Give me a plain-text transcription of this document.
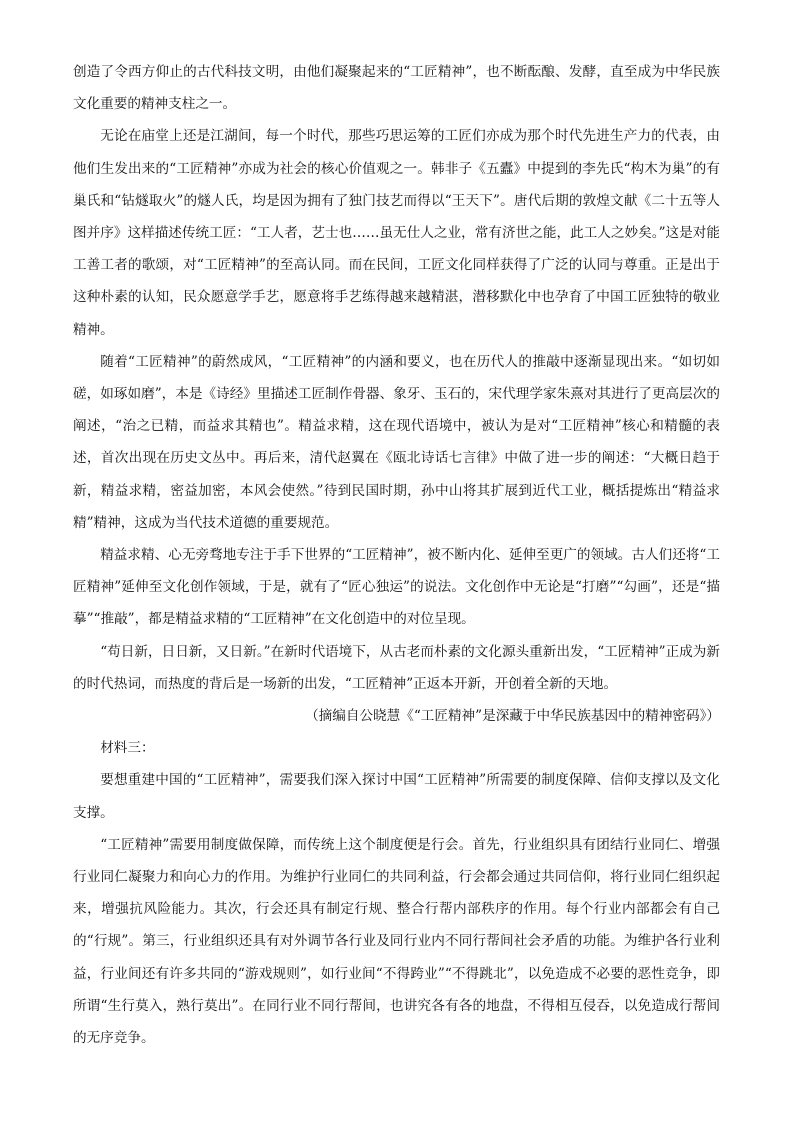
创造了令西方仰止的古代科技文明，由他们凝聚起来的“工匠精神”，也不断酝酿、发酵，直至成为中华民族文化重要的精神支柱之一。

无论在庙堂上还是江湖间，每一个时代，那些巧思运筹的工匠们亦成为那个时代先进生产力的代表，由他们生发出来的“工匠精神”亦成为社会的核心价值观之一。韩非子《五蠹》中提到的李先氏“构木为巢”的有巢氏和“钻燧取火”的燧人氏，均是因为拥有了独门技艺而得以“王天下”。唐代后期的敦煌文献《二十五等人图并序》这样描述传统工匠：“工人者，艺士也……虽无仕人之业，常有济世之能，此工人之妙矣。”这是对能工善工者的歌颂，对“工匠精神”的至高认同。而在民间，工匠文化同样获得了广泛的认同与尊重。正是出于这种朴素的认知，民众愿意学手艺，愿意将手艺练得越来越精湛，潜移默化中也孕育了中国工匠独特的敬业精神。

随着“工匠精神”的蔚然成风，“工匠精神”的内涵和要义，也在历代人的推敲中逐渐显现出来。“如切如磋，如琢如磨”，本是《诗经》里描述工匠制作骨器、象牙、玉石的，宋代理学家朱熹对其进行了更高层次的阐述，“治之已精，而益求其精也”。精益求精，这在现代语境中，被认为是对“工匠精神”核心和精髓的表述，首次出现在历史文丛中。再后来，清代赵翼在《瓯北诗话七言律》中做了进一步的阐述：“大概日趋于新，精益求精，密益加密，本风会使然。”待到民国时期，孙中山将其扩展到近代工业，概括提炼出“精益求精”精神，这成为当代技术道德的重要规范。

精益求精、心无旁骛地专注于手下世界的“工匠精神”，被不断内化、延伸至更广的领域。古人们还将“工匠精神”延伸至文化创作领域，于是，就有了“匠心独运”的说法。文化创作中无论是“打磨”“勾画”，还是“描摹”“推敲”，都是精益求精的“工匠精神”在文化创造中的对位呈现。

“苟日新，日日新，又日新。”在新时代语境下，从古老而朴素的文化源头重新出发，“工匠精神”正成为新的时代热词，而热度的背后是一场新的出发，“工匠精神”正返本开新，开创着全新的天地。

（摘编自公晓慧《“工匠精神”是深藏于中华民族基因中的精神密码》）

材料三：

要想重建中国的“工匠精神”，需要我们深入探讨中国“工匠精神”所需要的制度保障、信仰支撑以及文化支撑。

“工匠精神”需要用制度做保障，而传统上这个制度便是行会。首先，行业组织具有团结行业同仁、增强行业同仁凝聚力和向心力的作用。为维护行业同仁的共同利益，行会都会通过共同信仰，将行业同仁组织起来，增强抗风险能力。其次，行会还具有制定行规、整合行帮内部秩序的作用。每个行业内部都会有自己的“行规”。第三，行业组织还具有对外调节各行业及同行业内不同行帮间社会矛盾的功能。为维护各行业利益，行业间还有许多共同的“游戏规则”，如行业间“不得跨业”“不得跳北”，以免造成不必要的恶性竞争，即所谓“生行莫入，熟行莫出”。在同行业不同行帮间，也讲究各有各的地盘，不得相互侵吞，以免造成行帮间的无序竞争。
